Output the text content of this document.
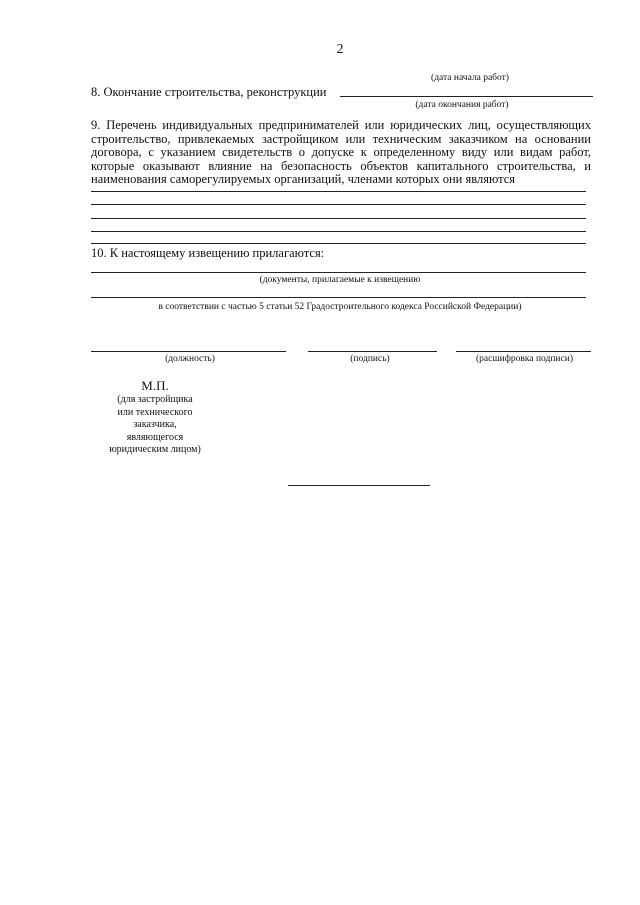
2
(дата начала работ)
8. Окончание строительства, реконструкции
(дата окончания работ)
9. Перечень индивидуальных предпринимателей или юридических лиц, осуществляющих строительство, привлекаемых застройщиком или техническим заказчиком на основании договора, с указанием свидетельств о допуске к определенному виду или видам работ, которые оказывают влияние на безопасность объектов капитального строительства, и наименования саморегулируемых организаций, членами которых они являются
10. К настоящему извещению прилагаются:
(документы, прилагаемые к извещению
в соответствии с частью 5 статьи 52 Градостроительного кодекса Российской Федерации)
(должность)	(подпись)	(расшифровка подписи)
М.П.
(для застройщика
или технического
заказчика,
являющегося
юридическим лицом)
